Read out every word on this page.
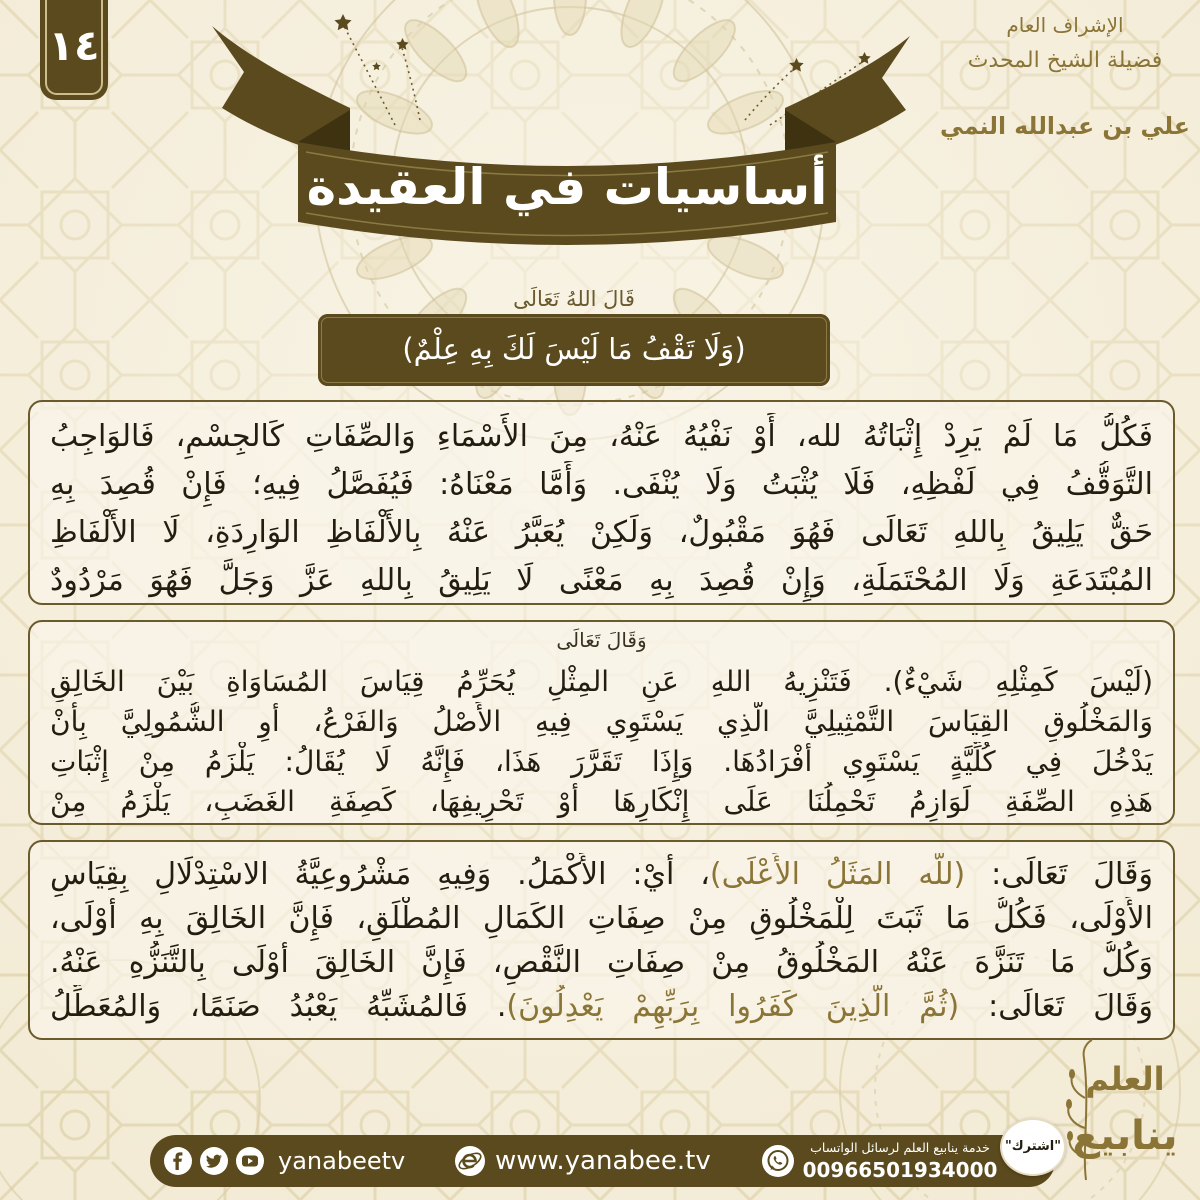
١٤
أساسيات في العقيدة
الإشراف العام
فضيلة الشيخ المحدث
علي بن عبدالله النمي
قَالَ اللهُ تَعَالَى
(وَلَا تَقْفُ مَا لَيْسَ لَكَ بِهِ عِلْمٌ)
فَكُلُّ مَا لَمْ يَرِدْ إِثْبَاتُهُ لله، أَوْ نَفْيُهُ عَنْهُ، مِنَ الأَسْمَاءِ وَالصِّفَاتِ كَالجِسْمِ، فَالوَاجِبُ
التَّوَقُّفُ فِي لَفْظِهِ، فَلَا يُثْبَتُ وَلَا يُنْفَى. وَأَمَّا مَعْنَاهُ: فَيُفَصَّلُ فِيهِ؛ فَإِنْ قُصِدَ بِهِ
حَقٌّ يَلِيقُ بِاللهِ تَعَالَى فَهُوَ مَقْبُولٌ، وَلَكِنْ يُعَبَّرُ عَنْهُ بِالأَلْفَاظِ الوَارِدَةِ، لَا الأَلْفَاظِ
المُبْتَدَعَةِ وَلَا المُحْتَمَلَةِ، وَإِنْ قُصِدَ بِهِ مَعْنًى لَا يَلِيقُ بِاللهِ عَزَّ وَجَلَّ فَهُوَ مَرْدُودٌ
وَقَالَ تَعَالَى
(لَيْسَ كَمِثْلِهِ شَيْءٌ). فَتَنْزِيهُ اللهِ عَنِ المِثْلِ يُحَرِّمُ قِيَاسَ المُسَاوَاةِ بَيْنَ الخَالِقِ
وَالمَخْلُوقِ القِيَاسَ التَّمْثِيلِيَّ الَّذِي يَسْتَوِي فِيهِ الأَصْلُ وَالفَرْعُ، أَوِ الشُّمُولِيَّ بِأَنْ
يَدْخُلَ فِي كُلِّيَّةٍ يَسْتَوِي أَفْرَادُهَا. وَإِذَا تَقَرَّرَ هَذَا، فَإِنَّهُ لَا يُقَالُ: يَلْزَمُ مِنْ إِثْبَاتِ
هَذِهِ الصِّفَةِ لَوَازِمُ تَحْمِلُنَا عَلَى إِنْكَارِهَا أَوْ تَحْرِيفِهَا، كَصِفَةِ الغَضَبِ، يَلْزَمُ مِنْ
وَقَالَ تَعَالَى: (للّه المَثَلُ الأَعْلَى)، أَيْ: الأَكْمَلُ. وَفِيهِ مَشْرُوعِيَّةُ الاسْتِدْلَالِ بِقِيَاسِ
الأَوْلَى، فَكُلُّ مَا ثَبَتَ لِلْمَخْلُوقِ مِنْ صِفَاتِ الكَمَالِ المُطْلَقِ، فَإِنَّ الخَالِقَ بِهِ أَوْلَى،
وَكُلُّ مَا تَنَزَّهَ عَنْهُ المَخْلُوقُ مِنْ صِفَاتِ النَّقْصِ، فَإِنَّ الخَالِقَ أَوْلَى بِالتَّنَزُّهِ عَنْهُ.
وَقَالَ تَعَالَى: (ثُمَّ الَّذِينَ كَفَرُوا بِرَبِّهِمْ يَعْدِلُونَ). فَالمُشَبِّهُ يَعْبُدُ صَنَمًا، وَالمُعَطِّلُ
العلم
ينابيع
yanabeetv	www.yanabee.tv	خدمة ينابيع العلم لرسائل الواتساب
00966501934000
"اشترك"
